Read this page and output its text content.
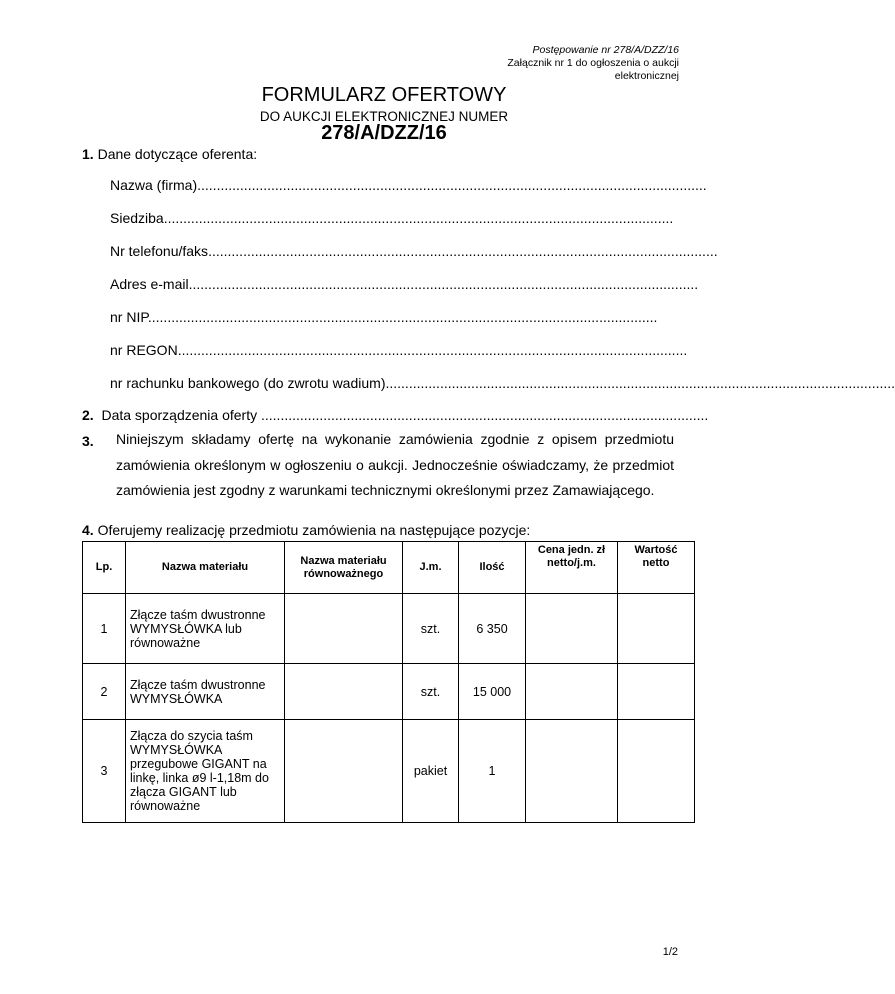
Postępowanie nr 278/A/DZZ/16
Załącznik nr 1 do ogłoszenia o aukcji
elektronicznej
FORMULARZ OFERTOWY
DO AUKCJI ELEKTRONICZNEJ NUMER
278/A/DZZ/16
1. Dane dotyczące oferenta:
Nazwa (firma)...................................................................................................................................
Siedziba...................................................................................................................................
Nr telefonu/faks...................................................................................................................................
Adres e-mail...................................................................................................................................
nr NIP...................................................................................................................................
nr REGON...................................................................................................................................
nr rachunku bankowego (do zwrotu wadium)...................................................................................................................................
2. Data sporządzenia oferty ...................................................................................................................
3. Niniejszym składamy ofertę na wykonanie zamówienia zgodnie z opisem przedmiotu zamówienia określonym w ogłoszeniu o aukcji. Jednocześnie oświadczamy, że przedmiot zamówienia jest zgodny z warunkami technicznymi określonymi przez Zamawiającego.
4. Oferujemy realizację przedmiotu zamówienia na następujące pozycje:
Lp.	Nazwa materiału	Nazwa materiału równoważnego	J.m.	Ilość	Cena jedn. zł netto/j.m.	Wartość netto
1	Złącze taśm dwustronne WYMYSŁÓWKA lub równoważne		szt.	6 350		
2	Złącze taśm dwustronne WYMYSŁÓWKA		szt.	15 000		
3	Złącza do szycia taśm WYMYSŁÓWKA przegubowe GIGANT na linkę, linka ø9 l-1,18m do złącza GIGANT lub równoważne		pakiet	1		
1/2
